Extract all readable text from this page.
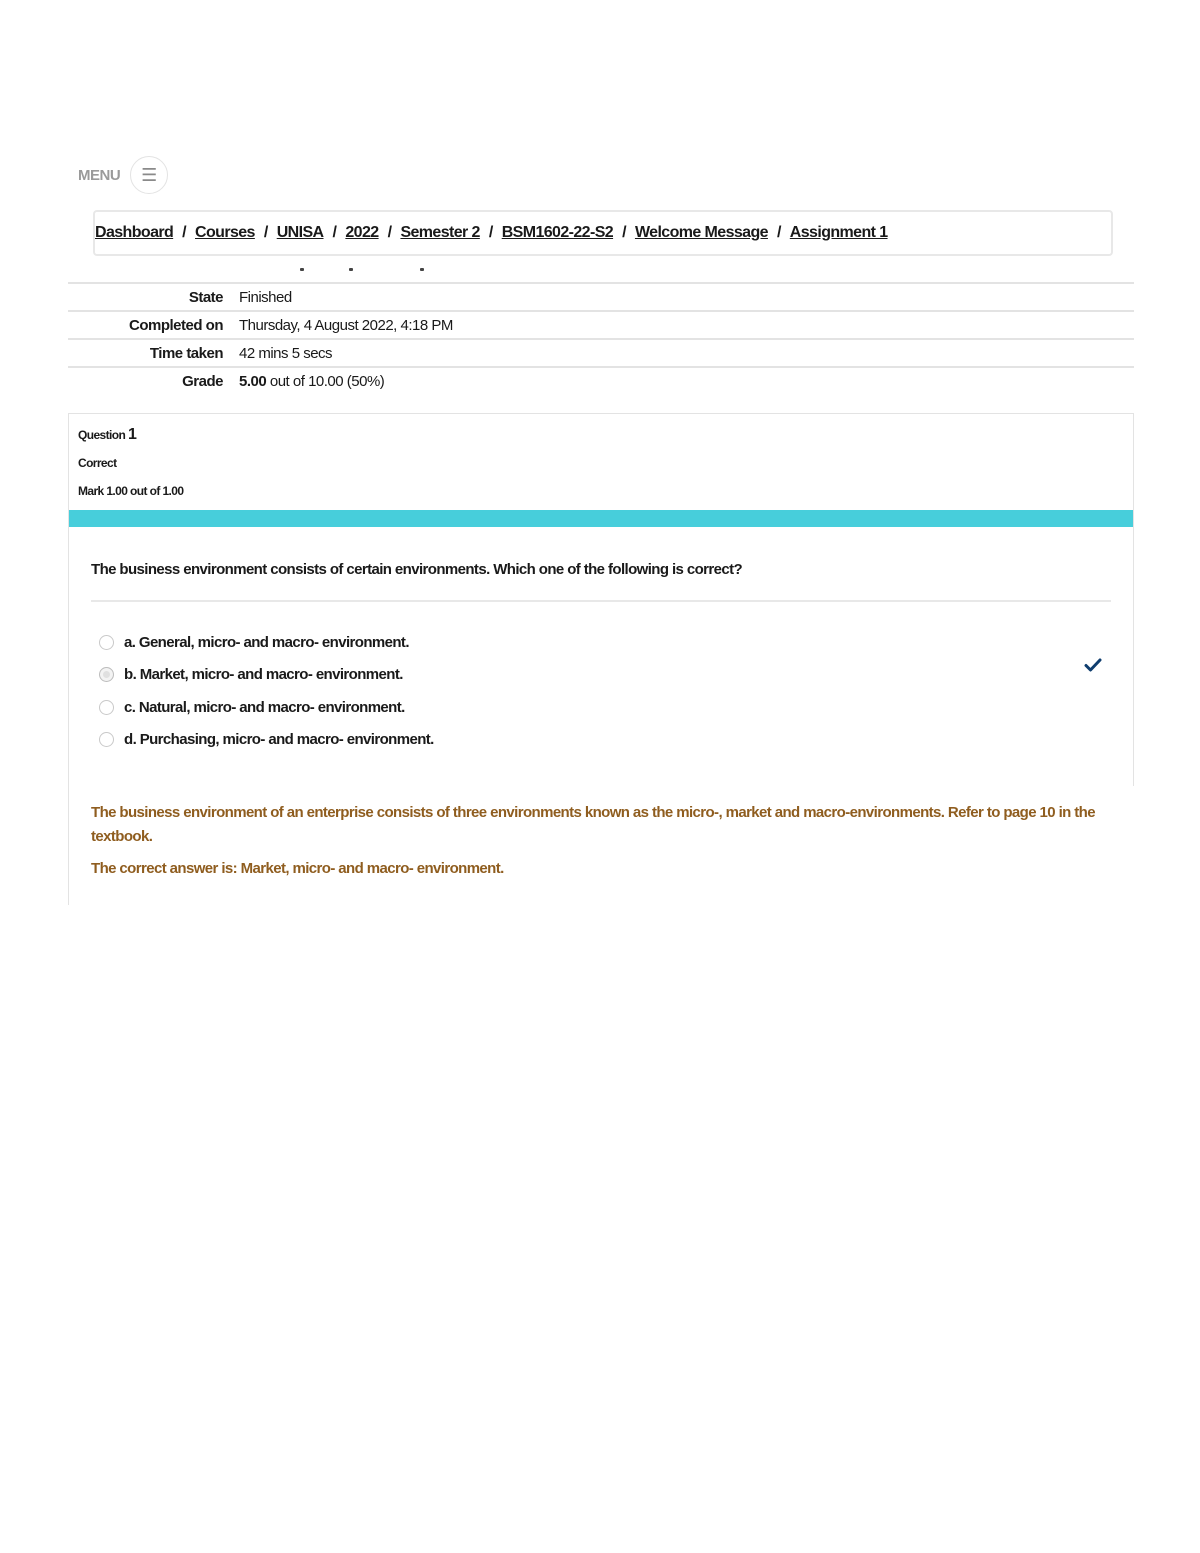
MENU ☰
Dashboard / Courses / UNISA / 2022 / Semester 2 / BSM1602-22-S2 / Welcome Message / Assignment 1
State	Finished
Completed on	Thursday, 4 August 2022, 4:18 PM
Time taken	42 mins 5 secs
Grade	5.00 out of 10.00 (50%)
Question 1
Correct
Mark 1.00 out of 1.00
The business environment consists of certain environments. Which one of the following is correct?
a. General, micro- and macro- environment.
b. Market, micro- and macro- environment.
c. Natural, micro- and macro- environment.
d. Purchasing, micro- and macro- environment.

The business environment of an enterprise consists of three environments known as the micro-, market and macro-environments. Refer to page 10 in the textbook.

The correct answer is: Market, micro- and macro- environment.
